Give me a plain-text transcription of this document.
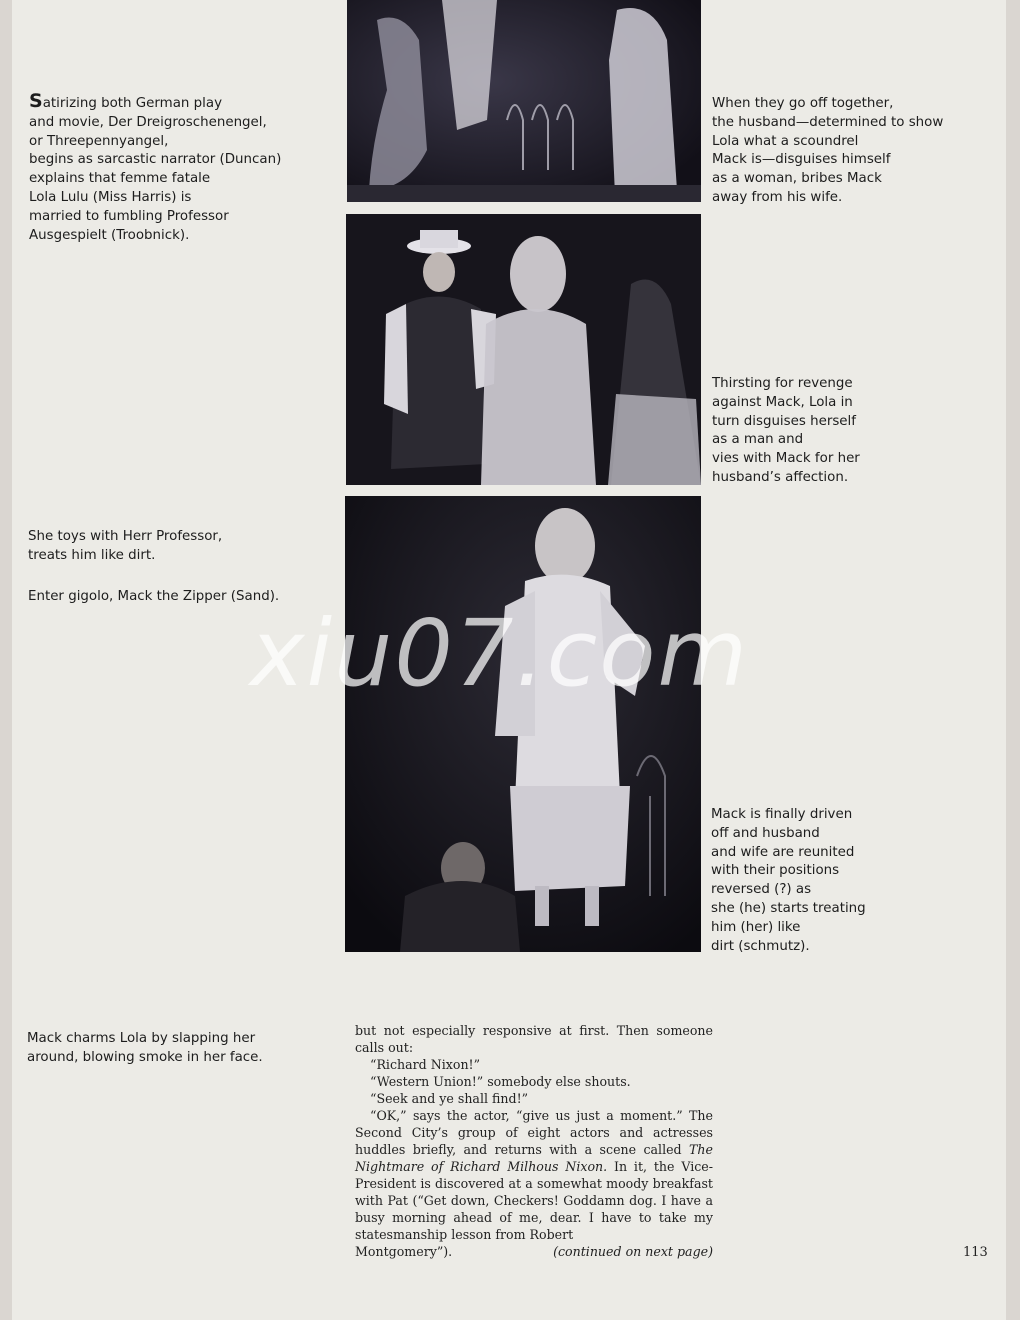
Satirizing both German play
and movie, Der Dreigroschenengel,
or Threepennyangel,
begins as sarcastic narrator (Duncan)
explains that femme fatale
Lola Lulu (Miss Harris) is
married to fumbling Professor
Ausgespielt (Troobnick).
She toys with Herr Professor,
treats him like dirt.
Enter gigolo, Mack the Zipper (Sand).
Mack charms Lola by slapping her
around, blowing smoke in her face.
When they go off together,
the husband—determined to show
Lola what a scoundrel
Mack is—disguises himself
as a woman, bribes Mack
away from his wife.
Thirsting for revenge
against Mack, Lola in
turn disguises herself
as a man and
vies with Mack for her
husband’s affection.
Mack is finally driven
off and husband
and wife are reunited
with their positions
reversed (?) as
she (he) starts treating
him (her) like
dirt (schmutz).

but not especially responsive at first. Then someone calls out:

“Richard Nixon!”

“Western Union!” somebody else shouts.

“Seek and ye shall find!”

“OK,” says the actor, “give us just a moment.” The Second City’s group of eight actors and actresses huddles briefly, and returns with a scene called The Nightmare of Richard Milhous Nixon. In it, the Vice-President is discovered at a somewhat moody breakfast with Pat (“Get down, Checkers! Goddamn dog. I have a busy morning ahead of me, dear. I have to take my statesmanship lesson from Robert

Montgomery”).	(continued on next page)	113
xiu07.com
